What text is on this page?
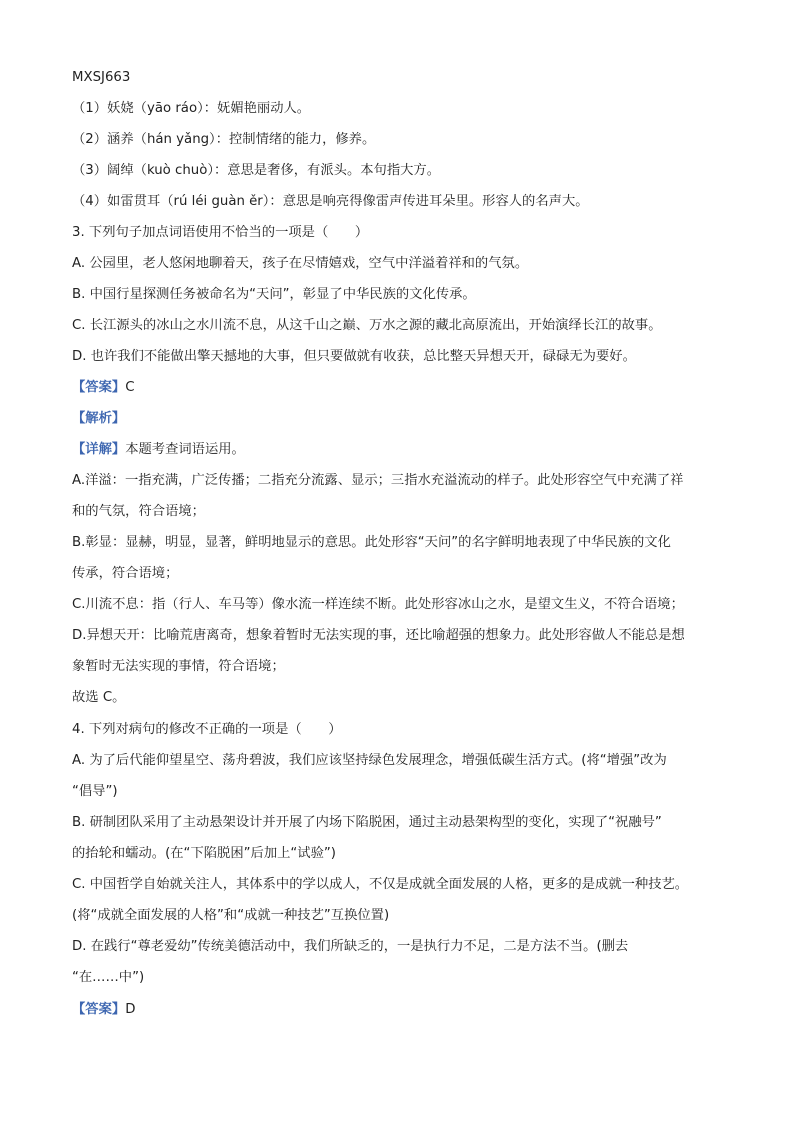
MXSJ663
（1）妖娆（yāo ráo）：妩媚艳丽动人。
（2）涵养（hán yǎng）：控制情绪的能力，修养。
（3）阔绰（kuò chuò）：意思是奢侈，有派头。本句指大方。
（4）如雷贯耳（rú léi guàn ěr）：意思是响亮得像雷声传进耳朵里。形容人的名声大。
3. 下列句子加点词语使用不恰当的一项是（　　）
A. 公园里，老人悠闲地聊着天，孩子在尽情嬉戏，空气中洋溢着祥和的气氛。
B. 中国行星探测任务被命名为“天问”，彰显了中华民族的文化传承。
C. 长江源头的冰山之水川流不息，从这千山之巅、万水之源的藏北高原流出，开始演绎长江的故事。
D. 也许我们不能做出擎天撼地的大事，但只要做就有收获，总比整天异想天开，碌碌无为要好。
【答案】C
【解析】
【详解】本题考查词语运用。
A.洋溢：一指充满，广泛传播；二指充分流露、显示；三指水充溢流动的样子。此处形容空气中充满了祥
和的气氛，符合语境；
B.彰显：显赫，明显，显著，鲜明地显示的意思。此处形容“天问”的名字鲜明地表现了中华民族的文化
传承，符合语境；
C.川流不息：指（行人、车马等）像水流一样连续不断。此处形容冰山之水，是望文生义，不符合语境；
D.异想天开：比喻荒唐离奇，想象着暂时无法实现的事，还比喻超强的想象力。此处形容做人不能总是想
象暂时无法实现的事情，符合语境；
故选 C。
4. 下列对病句的修改不正确的一项是（　　）
A. 为了后代能仰望星空、荡舟碧波，我们应该坚持绿色发展理念，增强低碳生活方式。(将“增强”改为
“倡导”)
B. 研制团队采用了主动悬架设计并开展了内场下陷脱困，通过主动悬架构型的变化，实现了“祝融号”
的抬轮和蠕动。(在“下陷脱困”后加上“试验”)
C. 中国哲学自始就关注人，其体系中的学以成人，不仅是成就全面发展的人格，更多的是成就一种技艺。
(将“成就全面发展的人格”和“成就一种技艺”互换位置)
D. 在践行“尊老爱幼”传统美德活动中，我们所缺乏的，一是执行力不足，二是方法不当。(删去
“在……中”)
【答案】D
